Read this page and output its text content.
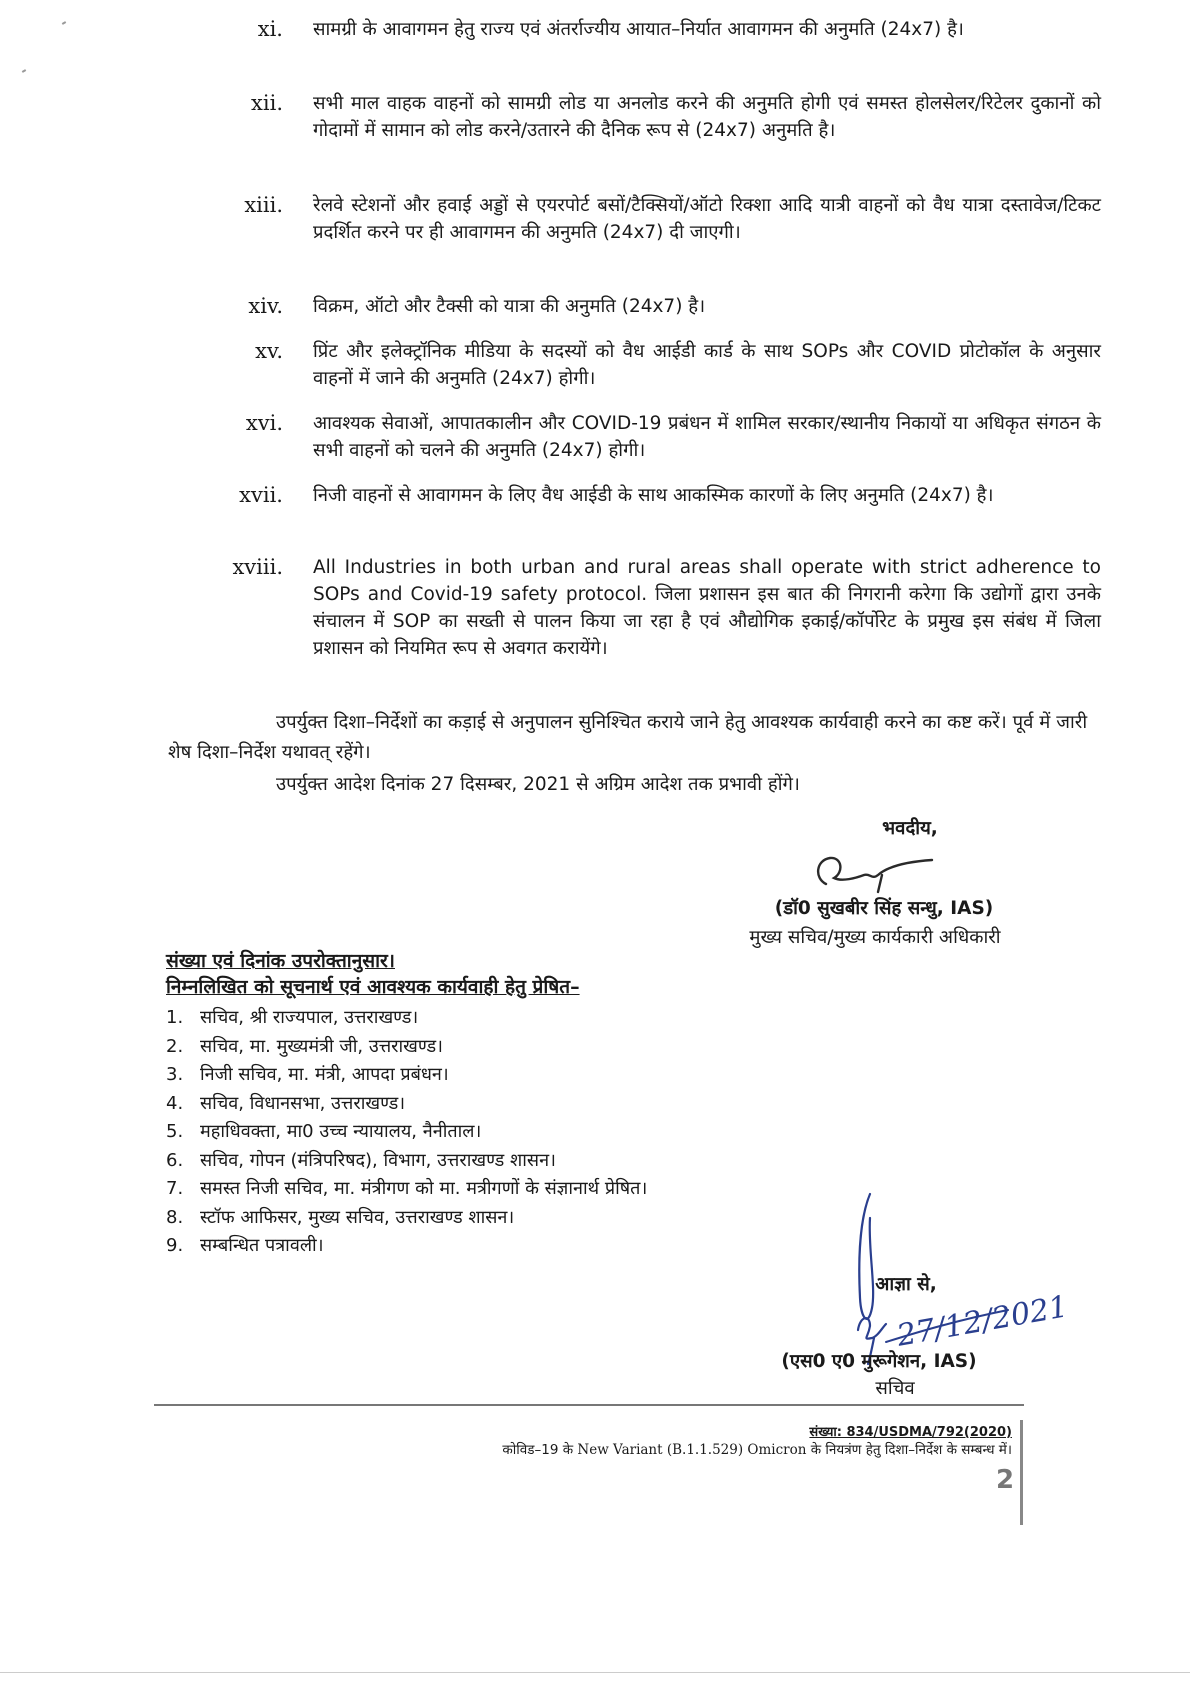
xi. सामग्री के आवागमन हेतु राज्य एवं अंतर्राज्यीय आयात–निर्यात आवागमन की अनुमति (24x7) है।
xii. सभी माल वाहक वाहनों को सामग्री लोड या अनलोड करने की अनुमति होगी एवं समस्त होलसेलर/रिटेलर दुकानों को गोदामों में सामान को लोड करने/उतारने की दैनिक रूप से (24x7) अनुमति है।
xiii. रेलवे स्टेशनों और हवाई अड्डों से एयरपोर्ट बसों/टैक्सियों/ऑटो रिक्शा आदि यात्री वाहनों को वैध यात्रा दस्तावेज/टिकट प्रदर्शित करने पर ही आवागमन की अनुमति (24x7) दी जाएगी।
xiv. विक्रम, ऑटो और टैक्सी को यात्रा की अनुमति (24x7) है।
xv. प्रिंट और इलेक्ट्रॉनिक मीडिया के सदस्यों को वैध आईडी कार्ड के साथ SOPs और COVID प्रोटोकॉल के अनुसार वाहनों में जाने की अनुमति (24x7) होगी।
xvi. आवश्यक सेवाओं, आपातकालीन और COVID-19 प्रबंधन में शामिल सरकार/स्थानीय निकायों या अधिकृत संगठन के सभी वाहनों को चलने की अनुमति (24x7) होगी।
xvii. निजी वाहनों से आवागमन के लिए वैध आईडी के साथ आकस्मिक कारणों के लिए अनुमति (24x7) है।
xviii. All Industries in both urban and rural areas shall operate with strict adherence to SOPs and Covid-19 safety protocol. जिला प्रशासन इस बात की निगरानी करेगा कि उद्योगों द्वारा उनके संचालन में SOP का सख्ती से पालन किया जा रहा है एवं औद्योगिक इकाई/कॉर्पोरेट के प्रमुख इस संबंध में जिला प्रशासन को नियमित रूप से अवगत करायेंगे।
उपर्युक्त दिशा–निर्देशों का कड़ाई से अनुपालन सुनिश्चित कराये जाने हेतु आवश्यक कार्यवाही करने का कष्ट करें। पूर्व में जारी शेष दिशा–निर्देश यथावत् रहेंगे।
उपर्युक्त आदेश दिनांक 27 दिसम्बर, 2021 से अग्रिम आदेश तक प्रभावी होंगे।
भवदीय,
(डॉ0 सुखबीर सिंह सन्धु, IAS)
मुख्य सचिव/मुख्य कार्यकारी अधिकारी
संख्या एवं दिनांक उपरोक्तानुसार।
निम्नलिखित को सूचनार्थ एवं आवश्यक कार्यवाही हेतु प्रेषित–
1. सचिव, श्री राज्यपाल, उत्तराखण्ड।
2. सचिव, मा. मुख्यमंत्री जी, उत्तराखण्ड।
3. निजी सचिव, मा. मंत्री, आपदा प्रबंधन।
4. सचिव, विधानसभा, उत्तराखण्ड।
5. महाधिवक्ता, मा0 उच्च न्यायालय, नैनीताल।
6. सचिव, गोपन (मंत्रिपरिषद), विभाग, उत्तराखण्ड शासन।
7. समस्त निजी सचिव, मा. मंत्रीगण को मा. मत्रीगणों के संज्ञानार्थ प्रेषित।
8. स्टॉफ आफिसर, मुख्य सचिव, उत्तराखण्ड शासन।
9. सम्बन्धित पत्रावली।
आज्ञा से,
27/12/2021
(एस0 ए0 मुरूगेशन, IAS)
सचिव
संख्या: 834/USDMA/792(2020)
कोविड–19 के New Variant (B.1.1.529) Omicron के नियत्रंण हेतु दिशा–निर्देश के सम्बन्ध में।
2
